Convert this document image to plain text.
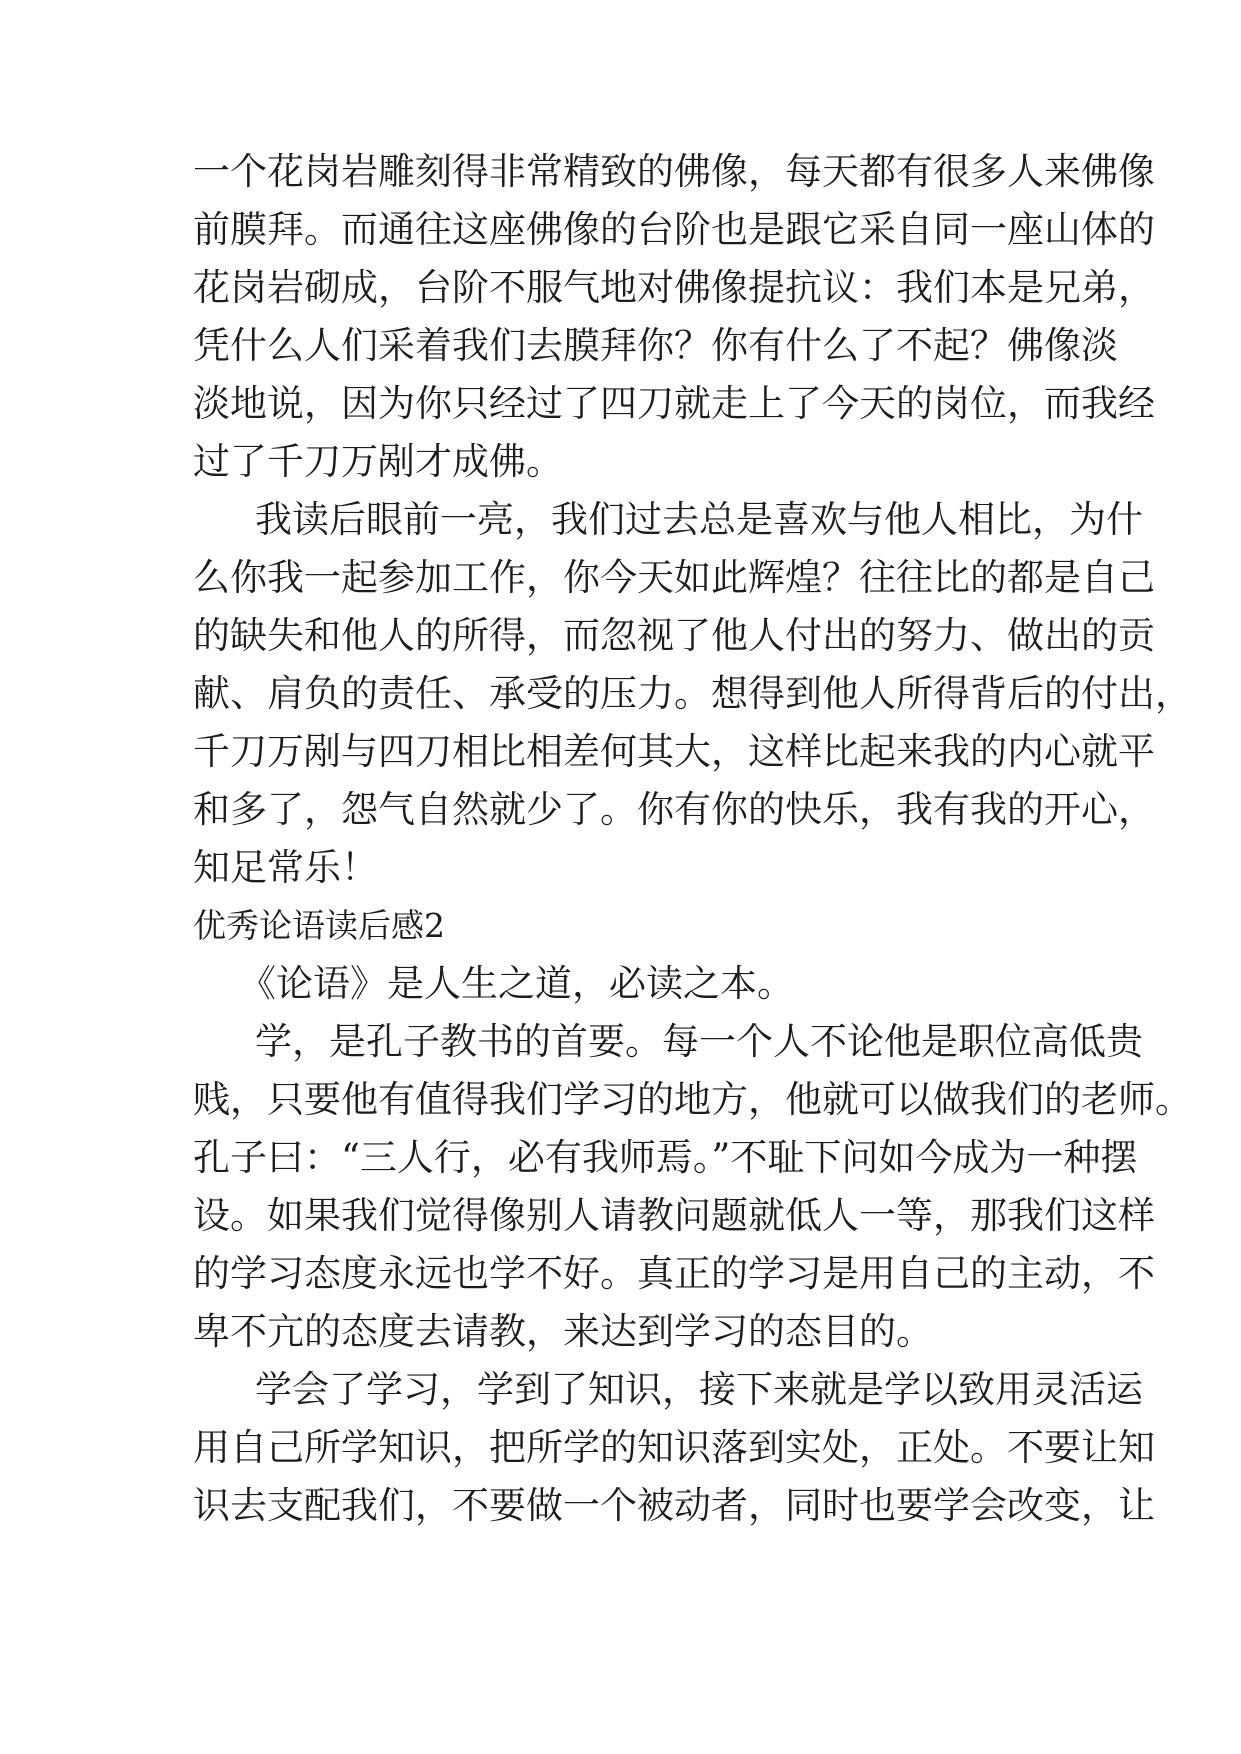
一个花岗岩雕刻得非常精致的佛像，每天都有很多人来佛像
前膜拜。而通往这座佛像的台阶也是跟它采自同一座山体的
花岗岩砌成，台阶不服气地对佛像提抗议：我们本是兄弟，
凭什么人们采着我们去膜拜你？你有什么了不起？佛像淡
淡地说，因为你只经过了四刀就走上了今天的岗位，而我经
过了千刀万剐才成佛。
我读后眼前一亮，我们过去总是喜欢与他人相比，为什
么你我一起参加工作，你今天如此辉煌？往往比的都是自己
的缺失和他人的所得，而忽视了他人付出的努力、做出的贡
献、肩负的责任、承受的压力。想得到他人所得背后的付出，
千刀万剐与四刀相比相差何其大，这样比起来我的内心就平
和多了，怨气自然就少了。你有你的快乐，我有我的开心，
知足常乐！
优秀论语读后感2
《论语》是人生之道，必读之本。
学，是孔子教书的首要。每一个人不论他是职位高低贵
贱，只要他有值得我们学习的地方，他就可以做我们的老师。
孔子曰：“三人行，必有我师焉。”不耻下问如今成为一种摆
设。如果我们觉得像别人请教问题就低人一等，那我们这样
的学习态度永远也学不好。真正的学习是用自己的主动，不
卑不亢的态度去请教，来达到学习的态目的。
学会了学习，学到了知识，接下来就是学以致用灵活运
用自己所学知识，把所学的知识落到实处，正处。不要让知
识去支配我们，不要做一个被动者，同时也要学会改变，让
